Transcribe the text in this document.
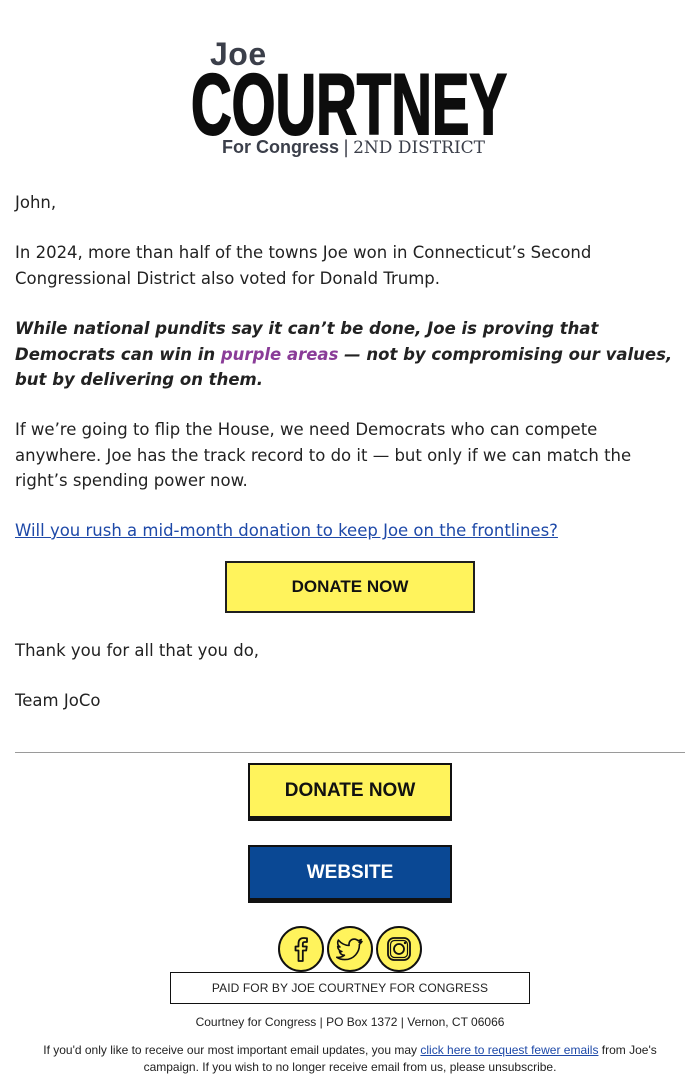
Joe
COURTNEY
For Congress | 2ND DISTRICT

John,

In 2024, more than half of the towns Joe won in Connecticut’s Second Congressional District also voted for Donald Trump.

While national pundits say it can’t be done, Joe is proving that Democrats can win in purple areas — not by compromising our values, but by delivering on them.

If we’re going to flip the House, we need Democrats who can compete anywhere. Joe has the track record to do it — but only if we can match the right’s spending power now.

Will you rush a mid-month donation to keep Joe on the frontlines?

Thank you for all that you do,

Team JoCo

DONATE NOW
DONATE NOW
WEBSITE
PAID FOR BY JOE COURTNEY FOR CONGRESS
Courtney for Congress | PO Box 1372 | Vernon, CT 06066
If you'd only like to receive our most important email updates, you may click here to request fewer emails from Joe's campaign. If you wish to no longer receive email from us, please unsubscribe.
